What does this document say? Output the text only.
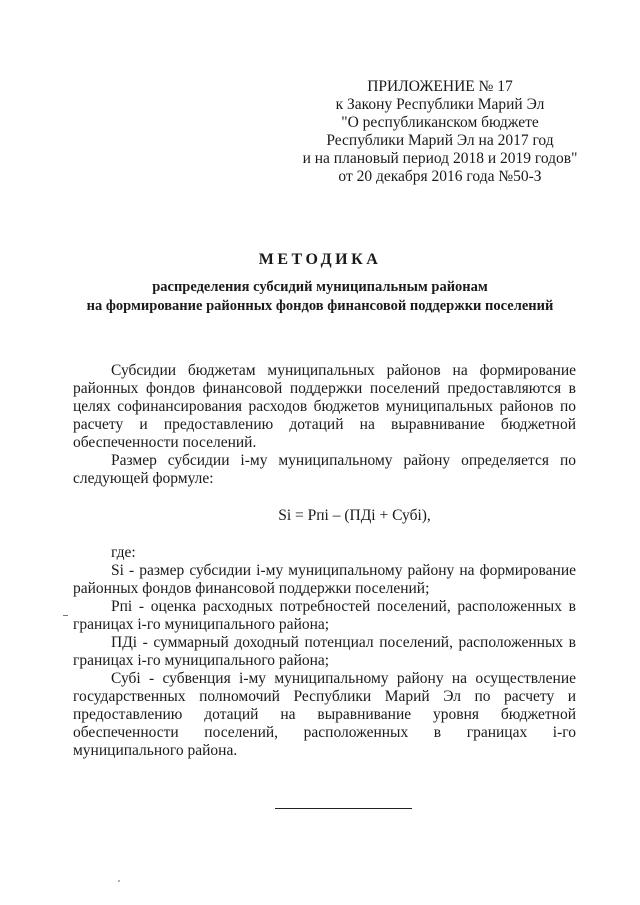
ПРИЛОЖЕНИЕ № 17
к Закону Республики Марий Эл
"О республиканском бюджете
Республики Марий Эл на 2017 год
и на плановый период 2018 и 2019 годов"
от 20 декабря 2016 года №50-З
МЕТОДИКА
распределения субсидий муниципальным районам
на формирование районных фондов финансовой поддержки поселений

Субсидии бюджетам муниципальных районов на формирование районных фондов финансовой поддержки поселений предоставляются в целях софинансирования расходов бюджетов муниципальных районов по расчету и предоставлению дотаций на выравнивание бюджетной обеспеченности поселений.

Размер субсидии i-му муниципальному району определяется по следующей формуле:

Si = Pпi – (ПДi + Субi),

где:

Si - размер субсидии i-му муниципальному району на формирование районных фондов финансовой поддержки поселений;

Pпi - оценка расходных потребностей поселений, расположенных в границах i-го муниципального района;

ПДi - суммарный доходный потенциал поселений, расположенных в границах i-го муниципального района;

Субi - субвенция i-му муниципальному району на осуществление государственных полномочий Республики Марий Эл по расчету и предоставлению дотаций на выравнивание уровня бюджетной обеспеченности поселений, расположенных в границах i-го муниципального района.
